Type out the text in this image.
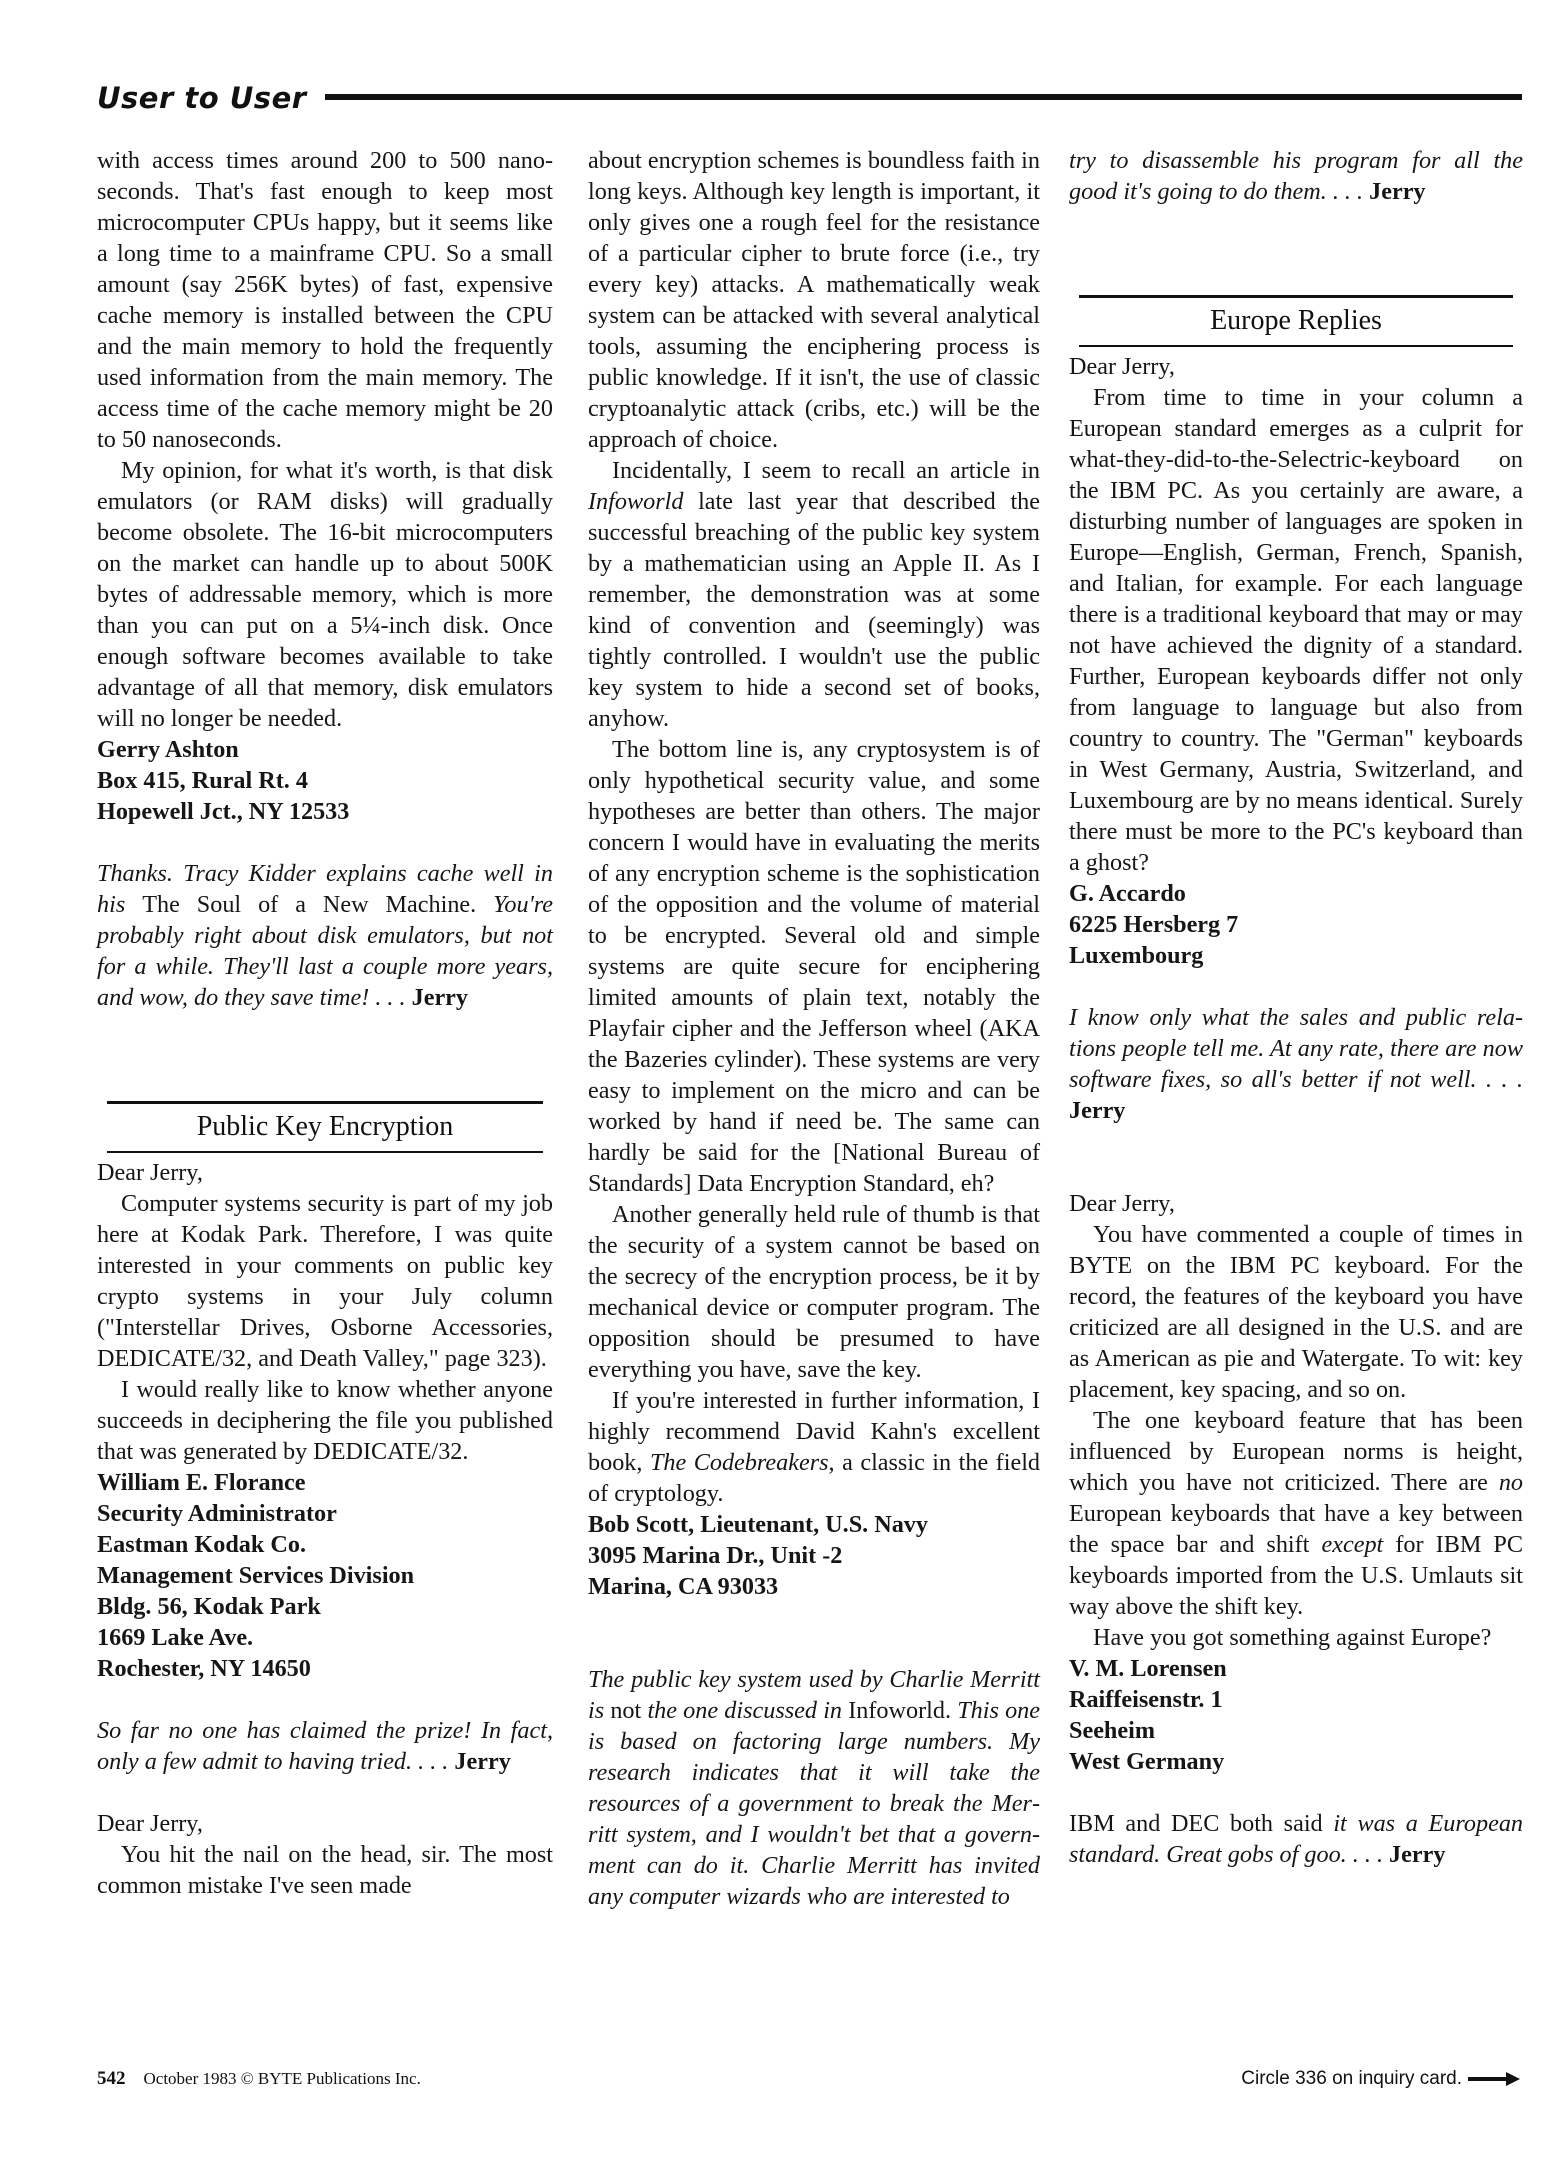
User to User

with access times around 200 to 500 nanoseconds. That's fast enough to keep most microcomputer CPUs happy, but it seems like a long time to a mainframe CPU. So a small amount (say 256K bytes) of fast, expensive cache memory is installed between the CPU and the main memory to hold the frequently used information from the main memory. The access time of the cache memory might be 20 to 50 nanoseconds.

My opinion, for what it's worth, is that disk emulators (or RAM disks) will gradually become obsolete. The 16-bit microcomputers on the market can handle up to about 500K bytes of addressable memory, which is more than you can put on a 5¼-inch disk. Once enough software becomes available to take advantage of all that memory, disk emulators will no longer be needed.

Gerry Ashton
Box 415, Rural Rt. 4
Hopewell Jct., NY 12533

Thanks. Tracy Kidder explains cache well in his The Soul of a New Machine. You're probably right about disk emulators, but not for a while. They'll last a couple more years, and wow, do they save time! . . . Jerry

Public Key Encryption

Dear Jerry,

Computer systems security is part of my job here at Kodak Park. Therefore, I was quite interested in your comments on public key crypto systems in your July column ("Interstellar Drives, Osborne Accessories, DEDICATE/32, and Death Valley," page 323).

I would really like to know whether anyone succeeds in deciphering the file you published that was generated by DEDICATE/32.

William E. Florance
Security Administrator
Eastman Kodak Co.
Management Services Division
Bldg. 56, Kodak Park
1669 Lake Ave.
Rochester, NY 14650

So far no one has claimed the prize! In fact, only a few admit to having tried. . . . Jerry

Dear Jerry,

You hit the nail on the head, sir. The most common mistake I've seen made

about encryption schemes is boundless faith in long keys. Although key length is important, it only gives one a rough feel for the resistance of a particular cipher to brute force (i.e., try every key) attacks. A mathematically weak system can be attacked with several analytical tools, assuming the enciphering process is public knowledge. If it isn't, the use of classic cryptoanalytic attack (cribs, etc.) will be the approach of choice.

Incidentally, I seem to recall an article in Infoworld late last year that described the successful breaching of the public key system by a mathematician using an Apple II. As I remember, the demonstration was at some kind of convention and (seemingly) was tightly controlled. I wouldn't use the public key system to hide a second set of books, anyhow.

The bottom line is, any cryptosystem is of only hypothetical security value, and some hypotheses are better than others. The major concern I would have in evaluating the merits of any encryption scheme is the sophistication of the opposition and the volume of material to be encrypted. Several old and simple systems are quite secure for enciphering limited amounts of plain text, notably the Playfair cipher and the Jefferson wheel (AKA the Bazeries cylinder). These systems are very easy to implement on the micro and can be worked by hand if need be. The same can hardly be said for the [National Bureau of Standards] Data Encryption Standard, eh?

Another generally held rule of thumb is that the security of a system cannot be based on the secrecy of the encryption process, be it by mechanical device or computer program. The opposition should be presumed to have everything you have, save the key.

If you're interested in further information, I highly recommend David Kahn's excellent book, The Codebreakers, a classic in the field of cryptology.

Bob Scott, Lieutenant, U.S. Navy
3095 Marina Dr., Unit -2
Marina, CA 93033

The public key system used by Charlie Merritt is not the one discussed in Infoworld. This one is based on factoring large numbers. My research indicates that it will take the resources of a government to break the Merritt system, and I wouldn't bet that a government can do it. Charlie Merritt has invited any computer wizards who are interested to

try to disassemble his program for all the good it's going to do them. . . . Jerry

Europe Replies

Dear Jerry,

From time to time in your column a European standard emerges as a culprit for what-they-did-to-the-Selectric-keyboard on the IBM PC. As you certainly are aware, a disturbing number of languages are spoken in Europe—English, German, French, Spanish, and Italian, for example. For each language there is a traditional keyboard that may or may not have achieved the dignity of a standard. Further, European keyboards differ not only from language to language but also from country to country. The "German" keyboards in West Germany, Austria, Switzerland, and Luxembourg are by no means identical. Surely there must be more to the PC's keyboard than a ghost?

G. Accardo
6225 Hersberg 7
Luxembourg

I know only what the sales and public relations people tell me. At any rate, there are now software fixes, so all's better if not well. . . . Jerry

Dear Jerry,

You have commented a couple of times in BYTE on the IBM PC keyboard. For the record, the features of the keyboard you have criticized are all designed in the U.S. and are as American as pie and Watergate. To wit: key placement, key spacing, and so on.

The one keyboard feature that has been influenced by European norms is height, which you have not criticized. There are no European keyboards that have a key between the space bar and shift except for IBM PC keyboards imported from the U.S. Umlauts sit way above the shift key.

Have you got something against Europe?

V. M. Lorensen
Raiffeisenstr. 1
Seeheim
West Germany

IBM and DEC both said it was a European standard. Great gobs of goo. . . . Jerry

542 October 1983 © BYTE Publications Inc.	Circle 336 on inquiry card.
